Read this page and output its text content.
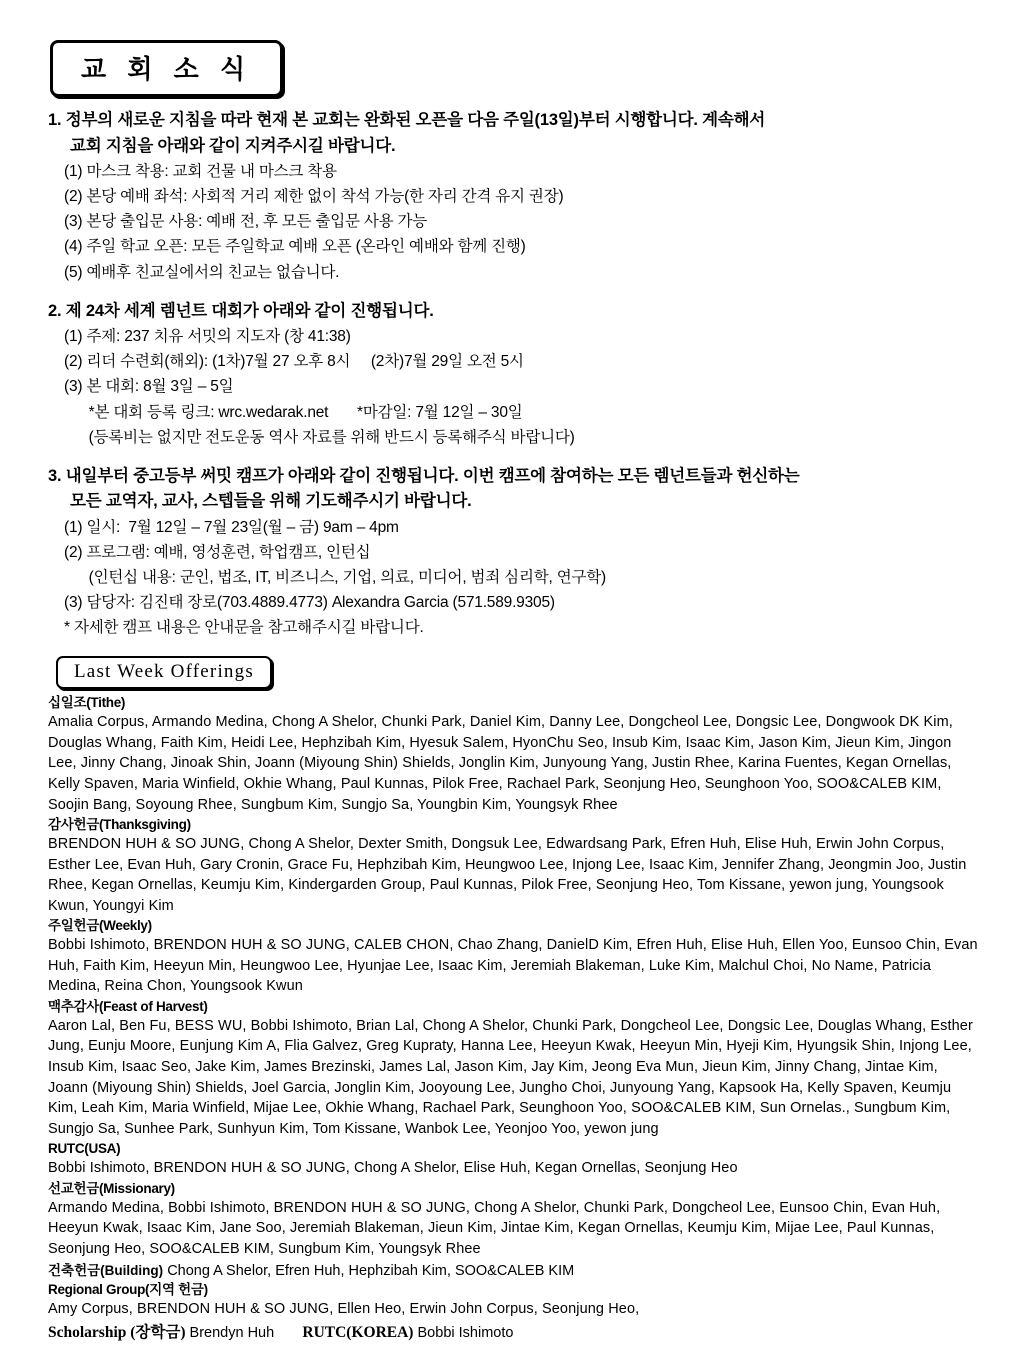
교 회 소 식
1. 정부의 새로운 지침을 따라 현재 본 교회는 완화된 오픈을 다음 주일(13일)부터 시행합니다. 계속해서
교회 지침을 아래와 같이 지켜주시길 바랍니다.
(1) 마스크 착용: 교회 건물 내 마스크 착용
(2) 본당 예배 좌석: 사회적 거리 제한 없이 착석 가능(한 자리 간격 유지 권장)
(3) 본당 출입문 사용: 예배 전, 후 모든 출입문 사용 가능
(4) 주일 학교 오픈: 모든 주일학교 예배 오픈 (온라인 예배와 함께 진행)
(5) 예배후 친교실에서의 친교는 없습니다.
2. 제 24차 세계 렘넌트 대회가 아래와 같이 진행됩니다.
(1) 주제: 237 치유 서밋의 지도자 (창 41:38)
(2) 리더 수련회(해외): (1차)7월 27 오후 8시     (2차)7월 29일 오전 5시
(3) 본 대회: 8월 3일 – 5일
*본 대회 등록 링크: wrc.wedarak.net       *마감일: 7월 12일 – 30일
(등록비는 없지만 전도운동 역사 자료를 위해 반드시 등록해주식 바랍니다)
3. 내일부터 중고등부 써밋 캠프가 아래와 같이 진행됩니다. 이번 캠프에 참여하는 모든 렘넌트들과 헌신하는
모든 교역자, 교사, 스텝들을 위해 기도해주시기 바랍니다.
(1) 일시:  7월 12일 – 7월 23일(월 – 금) 9am – 4pm
(2) 프로그램: 예배, 영성훈련, 학업캠프, 인턴십
(인턴십 내용: 군인, 법조, IT, 비즈니스, 기업, 의료, 미디어, 범죄 심리학, 연구학)
(3) 담당자: 김진태 장로(703.4889.4773) Alexandra Garcia (571.589.9305)
* 자세한 캠프 내용은 안내문을 참고해주시길 바랍니다.
Last Week Offerings
십일조(Tithe)
Amalia Corpus, Armando Medina, Chong A Shelor, Chunki Park, Daniel Kim, Danny Lee, Dongcheol Lee, Dongsic Lee, Dongwook DK Kim, Douglas Whang, Faith Kim, Heidi Lee, Hephzibah Kim, Hyesuk Salem, HyonChu Seo, Insub Kim, Isaac Kim, Jason Kim, Jieun Kim, Jingon Lee, Jinny Chang, Jinoak Shin, Joann (Miyoung Shin) Shields, Jonglin Kim, Junyoung Yang, Justin Rhee, Karina Fuentes, Kegan Ornellas, Kelly Spaven, Maria Winfield, Okhie Whang, Paul Kunnas, Pilok Free, Rachael Park, Seonjung Heo, Seunghoon Yoo, SOO&CALEB KIM, Soojin Bang, Soyoung Rhee, Sungbum Kim, Sungjo Sa, Youngbin Kim, Youngsyk Rhee
감사헌금(Thanksgiving)
BRENDON HUH & SO JUNG, Chong A Shelor, Dexter Smith, Dongsuk Lee, Edwardsang Park, Efren Huh, Elise Huh, Erwin John Corpus, Esther Lee, Evan Huh, Gary Cronin, Grace Fu, Hephzibah Kim, Heungwoo Lee, Injong Lee, Isaac Kim, Jennifer Zhang, Jeongmin Joo, Justin Rhee, Kegan Ornellas, Keumju Kim, Kindergarden Group, Paul Kunnas, Pilok Free, Seonjung Heo, Tom Kissane, yewon jung, Youngsook Kwun, Youngyi Kim
주일헌금(Weekly)
Bobbi Ishimoto, BRENDON HUH & SO JUNG, CALEB CHON, Chao Zhang, DanielD Kim, Efren Huh, Elise Huh, Ellen Yoo, Eunsoo Chin, Evan Huh, Faith Kim, Heeyun Min, Heungwoo Lee, Hyunjae Lee, Isaac Kim, Jeremiah Blakeman, Luke Kim, Malchul Choi, No Name, Patricia Medina, Reina Chon, Youngsook Kwun
맥추감사(Feast of Harvest)
Aaron Lal, Ben Fu, BESS WU, Bobbi Ishimoto, Brian Lal, Chong A Shelor, Chunki Park, Dongcheol Lee, Dongsic Lee, Douglas Whang, Esther Jung, Eunju Moore, Eunjung Kim A, Flia Galvez, Greg Kupraty, Hanna Lee, Heeyun Kwak, Heeyun Min, Hyeji Kim, Hyungsik Shin, Injong Lee, Insub Kim, Isaac Seo, Jake Kim, James Brezinski, James Lal, Jason Kim, Jay Kim, Jeong Eva Mun, Jieun Kim, Jinny Chang, Jintae Kim, Joann (Miyoung Shin) Shields, Joel Garcia, Jonglin Kim, Jooyoung Lee, Jungho Choi, Junyoung Yang, Kapsook Ha, Kelly Spaven, Keumju Kim, Leah Kim, Maria Winfield, Mijae Lee, Okhie Whang, Rachael Park, Seunghoon Yoo, SOO&CALEB KIM, Sun Ornelas., Sungbum Kim, Sungjo Sa, Sunhee Park, Sunhyun Kim, Tom Kissane, Wanbok Lee, Yeonjoo Yoo, yewon jung
RUTC(USA)
Bobbi Ishimoto, BRENDON HUH & SO JUNG, Chong A Shelor, Elise Huh, Kegan Ornellas, Seonjung Heo
선교헌금(Missionary)
Armando Medina, Bobbi Ishimoto, BRENDON HUH & SO JUNG, Chong A Shelor, Chunki Park, Dongcheol Lee, Eunsoo Chin, Evan Huh, Heeyun Kwak, Isaac Kim, Jane Soo, Jeremiah Blakeman, Jieun Kim, Jintae Kim, Kegan Ornellas, Keumju Kim, Mijae Lee, Paul Kunnas, Seonjung Heo, SOO&CALEB KIM, Sungbum Kim, Youngsyk Rhee
건축헌금(Building) Chong A Shelor, Efren Huh, Hephzibah Kim, SOO&CALEB KIM
Regional Group(지역 헌금)
Amy Corpus, BRENDON HUH & SO JUNG, Ellen Heo, Erwin John Corpus, Seonjung Heo,
Scholarship (장학금) Brendyn Huh RUTC(KOREA) Bobbi Ishimoto
